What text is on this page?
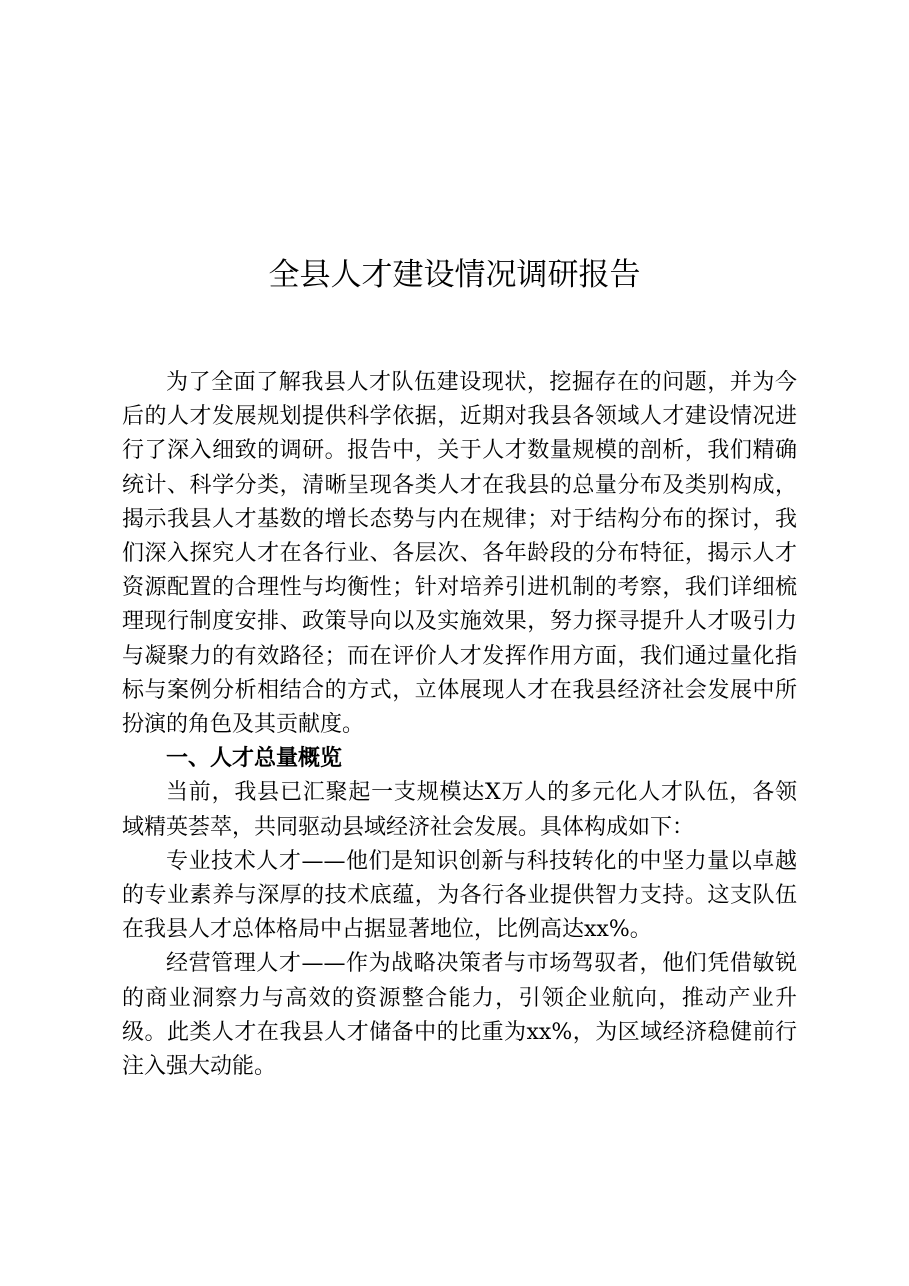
全县人才建设情况调研报告

为了全面了解我县人才队伍建设现状，挖掘存在的问题，并为今后的人才发展规划提供科学依据，近期对我县各领域人才建设情况进行了深入细致的调研。报告中，关于人才数量规模的剖析，我们精确统计、科学分类，清晰呈现各类人才在我县的总量分布及类别构成，揭示我县人才基数的增长态势与内在规律；对于结构分布的探讨，我们深入探究人才在各行业、各层次、各年龄段的分布特征，揭示人才资源配置的合理性与均衡性；针对培养引进机制的考察，我们详细梳理现行制度安排、政策导向以及实施效果，努力探寻提升人才吸引力与凝聚力的有效路径；而在评价人才发挥作用方面，我们通过量化指标与案例分析相结合的方式，立体展现人才在我县经济社会发展中所扮演的角色及其贡献度。

一、人才总量概览

当前，我县已汇聚起一支规模达X万人的多元化人才队伍，各领域精英荟萃，共同驱动县域经济社会发展。具体构成如下：

专业技术人才——他们是知识创新与科技转化的中坚力量以卓越的专业素养与深厚的技术底蕴，为各行各业提供智力支持。这支队伍在我县人才总体格局中占据显著地位，比例高达xx%。

经营管理人才——作为战略决策者与市场驾驭者，他们凭借敏锐的商业洞察力与高效的资源整合能力，引领企业航向，推动产业升级。此类人才在我县人才储备中的比重为xx%，为区域经济稳健前行注入强大动能。
